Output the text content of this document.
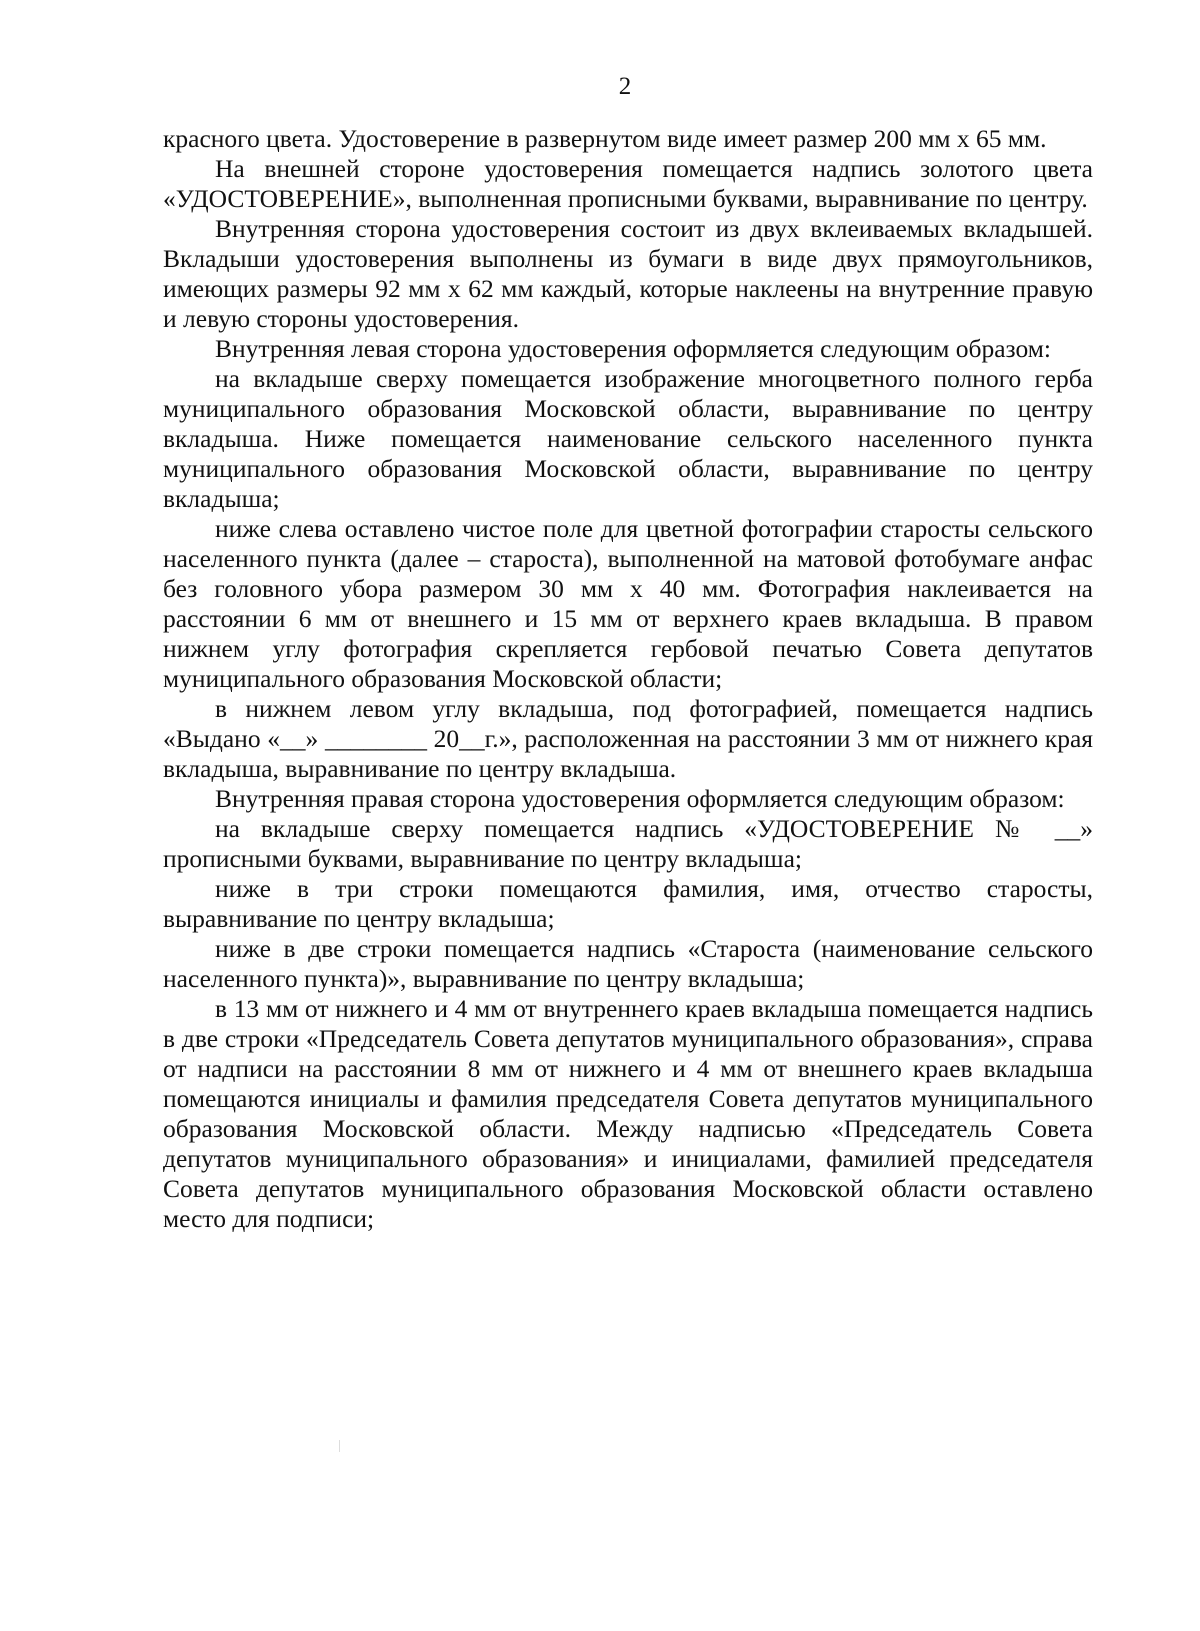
2

красного цвета. Удостоверение в развернутом виде имеет размер 200 мм х 65 мм.

На внешней стороне удостоверения помещается надпись золотого цвета «УДОСТОВЕРЕНИЕ», выполненная прописными буквами, выравнивание по центру.

Внутренняя сторона удостоверения состоит из двух вклеиваемых вкладышей. Вкладыши удостоверения выполнены из бумаги в виде двух прямоугольников, имеющих размеры 92 мм х 62 мм каждый, которые наклеены на внутренние правую и левую стороны удостоверения.

Внутренняя левая сторона удостоверения оформляется следующим образом:

на вкладыше сверху помещается изображение многоцветного полного герба муниципального образования Московской области, выравнивание по центру вкладыша. Ниже помещается наименование сельского населенного пункта муниципального образования Московской области, выравнивание по центру вкладыша;

ниже слева оставлено чистое поле для цветной фотографии старосты сельского населенного пункта (далее – староста), выполненной на матовой фотобумаге анфас без головного убора размером 30 мм х 40 мм. Фотография наклеивается на расстоянии 6 мм от внешнего и 15 мм от верхнего краев вкладыша. В правом нижнем углу фотография скрепляется гербовой печатью Совета депутатов муниципального образования Московской области;

в нижнем левом углу вкладыша, под фотографией, помещается надпись «Выдано «__» ________ 20__г.», расположенная на расстоянии 3 мм от нижнего края вкладыша, выравнивание по центру вкладыша.

Внутренняя правая сторона удостоверения оформляется следующим образом:

на вкладыше сверху помещается надпись «УДОСТОВЕРЕНИЕ № __» прописными буквами, выравнивание по центру вкладыша;

ниже в три строки помещаются фамилия, имя, отчество старосты, выравнивание по центру вкладыша;

ниже в две строки помещается надпись «Староста (наименование сельского населенного пункта)», выравнивание по центру вкладыша;

в 13 мм от нижнего и 4 мм от внутреннего краев вкладыша помещается надпись в две строки «Председатель Совета депутатов муниципального образования», справа от надписи на расстоянии 8 мм от нижнего и 4 мм от внешнего краев вкладыша помещаются инициалы и фамилия председателя Совета депутатов муниципального образования Московской области. Между надписью «Председатель Совета депутатов муниципального образования» и инициалами, фамилией председателя Совета депутатов муниципального образования Московской области оставлено место для подписи;
